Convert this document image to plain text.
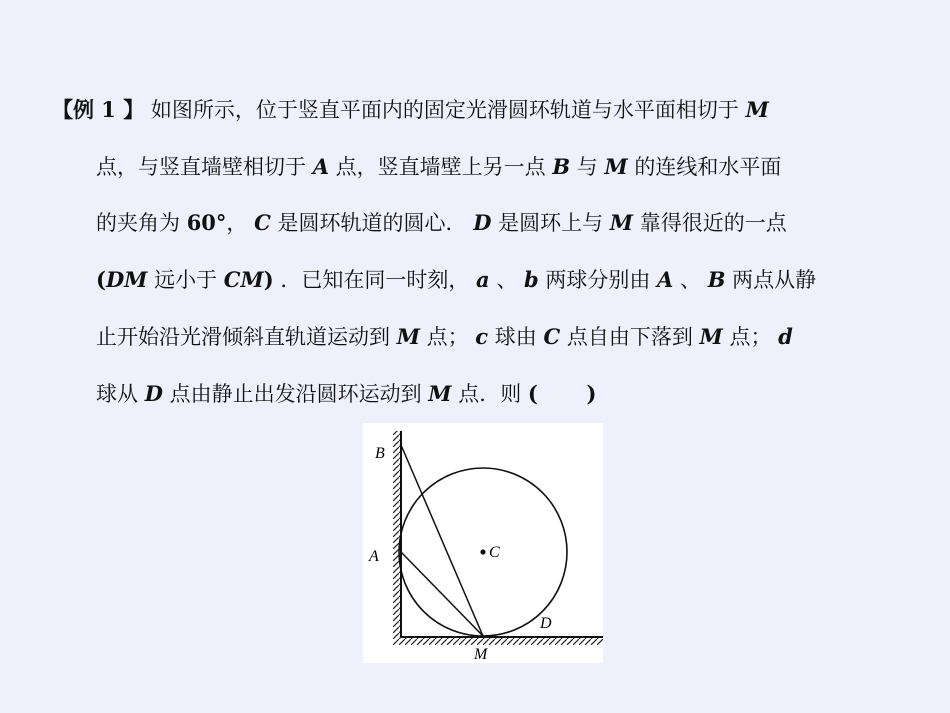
【例 1 】 如图所示，位于竖直平面内的固定光滑圆环轨道与水平面相切于 M
点，与竖直墙壁相切于 A 点，竖直墙壁上另一点 B 与 M 的连线和水平面
的夹角为 60°， C 是圆环轨道的圆心． D 是圆环上与 M 靠得很近的一点
(DM 远小于 CM) ．已知在同一时刻， a 、 b 两球分别由 A 、 B 两点从静
止开始沿光滑倾斜直轨道运动到 M 点； c 球由 C 点自由下落到 M 点； d
球从 D 点由静止出发沿圆环运动到 M 点．则 (　　 )
B
A	C
D
M
